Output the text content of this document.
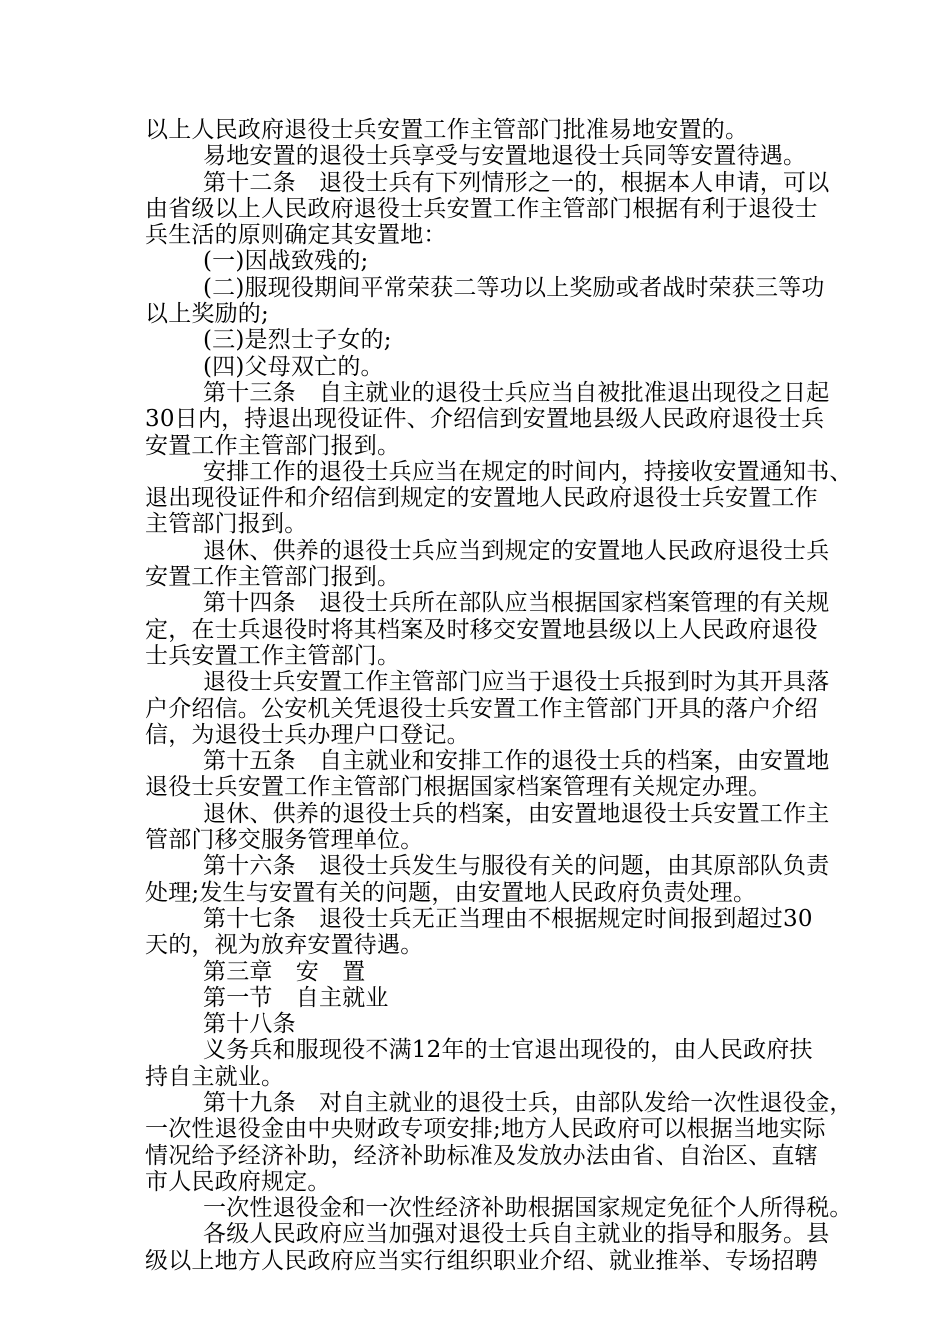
以上人民政府退役士兵安置工作主管部门批准易地安置的。
易地安置的退役士兵享受与安置地退役士兵同等安置待遇。
第十二条　退役士兵有下列情形之一的，根据本人申请，可以
由省级以上人民政府退役士兵安置工作主管部门根据有利于退役士
兵生活的原则确定其安置地：
(一)因战致残的;
(二)服现役期间平常荣获二等功以上奖励或者战时荣获三等功
以上奖励的;
(三)是烈士子女的;
(四)父母双亡的。
第十三条　自主就业的退役士兵应当自被批准退出现役之日起
30日内，持退出现役证件、介绍信到安置地县级人民政府退役士兵
安置工作主管部门报到。
安排工作的退役士兵应当在规定的时间内，持接收安置通知书、
退出现役证件和介绍信到规定的安置地人民政府退役士兵安置工作
主管部门报到。
退休、供养的退役士兵应当到规定的安置地人民政府退役士兵
安置工作主管部门报到。
第十四条　退役士兵所在部队应当根据国家档案管理的有关规
定，在士兵退役时将其档案及时移交安置地县级以上人民政府退役
士兵安置工作主管部门。
退役士兵安置工作主管部门应当于退役士兵报到时为其开具落
户介绍信。公安机关凭退役士兵安置工作主管部门开具的落户介绍
信，为退役士兵办理户口登记。
第十五条　自主就业和安排工作的退役士兵的档案，由安置地
退役士兵安置工作主管部门根据国家档案管理有关规定办理。
退休、供养的退役士兵的档案，由安置地退役士兵安置工作主
管部门移交服务管理单位。
第十六条　退役士兵发生与服役有关的问题，由其原部队负责
处理;发生与安置有关的问题，由安置地人民政府负责处理。
第十七条　退役士兵无正当理由不根据规定时间报到超过30
天的，视为放弃安置待遇。
第三章　安　置
第一节　自主就业
第十八条
义务兵和服现役不满12年的士官退出现役的，由人民政府扶
持自主就业。
第十九条　对自主就业的退役士兵，由部队发给一次性退役金，
一次性退役金由中央财政专项安排;地方人民政府可以根据当地实际
情况给予经济补助，经济补助标准及发放办法由省、自治区、直辖
市人民政府规定。
一次性退役金和一次性经济补助根据国家规定免征个人所得税。
各级人民政府应当加强对退役士兵自主就业的指导和服务。县
级以上地方人民政府应当实行组织职业介绍、就业推举、专场招聘
